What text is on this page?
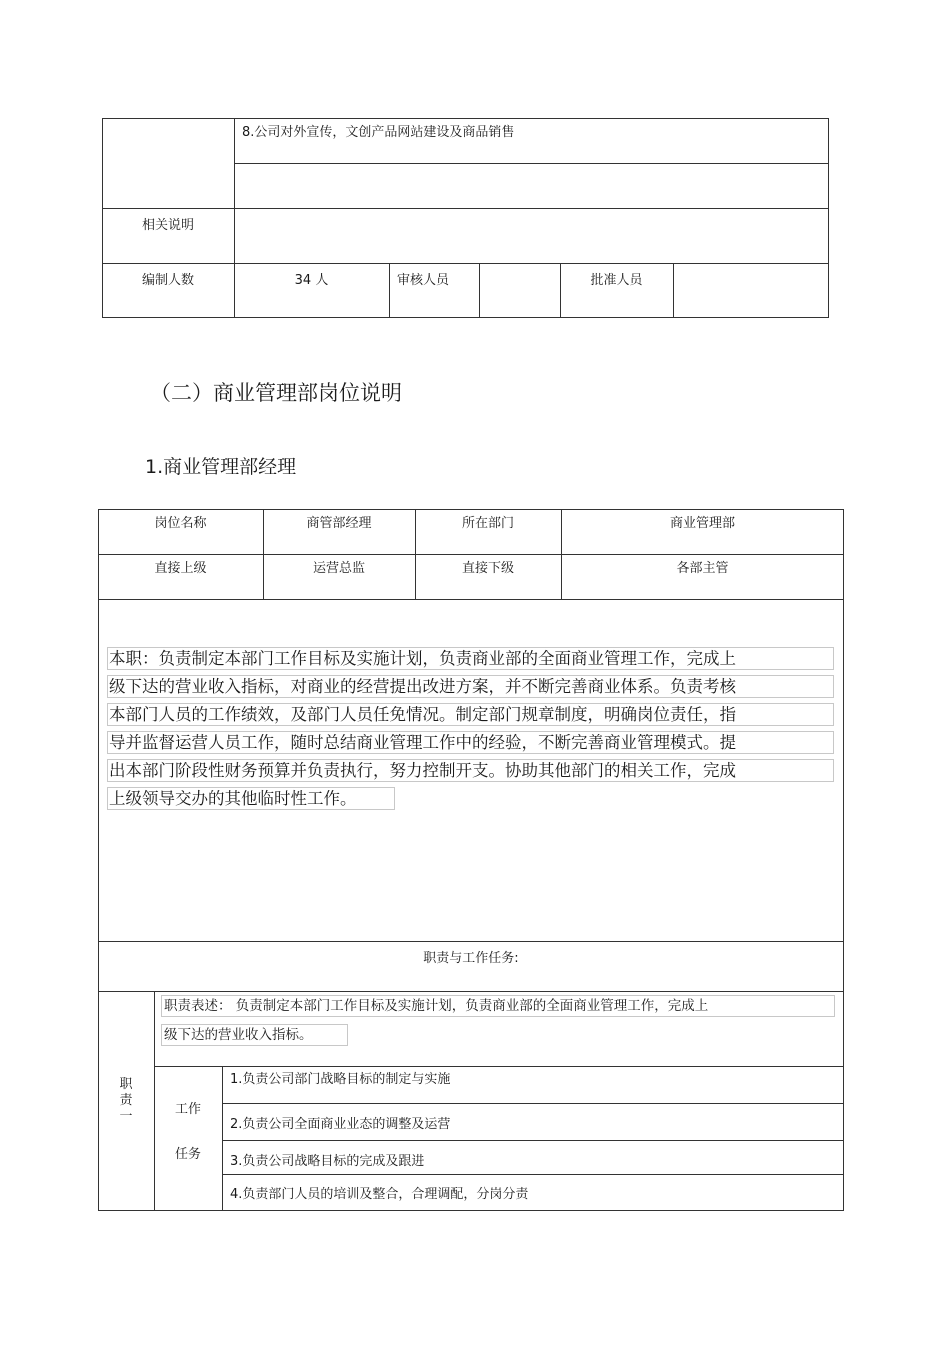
8.公司对外宣传，文创产品网站建设及商品销售
相关说明
编制人数	34 人	审核人员	批准人员
（二）商业管理部岗位说明
1.商业管理部经理
岗位名称	商管部经理	所在部门	商业管理部
直接上级	运营总监	直接下级	各部主管
本职：负责制定本部门工作目标及实施计划，负责商业部的全面商业管理工作，完成上
级下达的营业收入指标，对商业的经营提出改进方案，并不断完善商业体系。负责考核
本部门人员的工作绩效，及部门人员任免情况。制定部门规章制度，明确岗位责任，指
导并监督运营人员工作，随时总结商业管理工作中的经验，不断完善商业管理模式。提
出本部门阶段性财务预算并负责执行，努力控制开支。协助其他部门的相关工作，完成
上级领导交办的其他临时性工作。
职责与工作任务:
职
责
一
职责表述： 负责制定本部门工作目标及实施计划，负责商业部的全面商业管理工作，完成上
级下达的营业收入指标。
工作
任务
1.负责公司部门战略目标的制定与实施
2.负责公司全面商业业态的调整及运营
3.负责公司战略目标的完成及跟进
4.负责部门人员的培训及整合，合理调配，分岗分责
